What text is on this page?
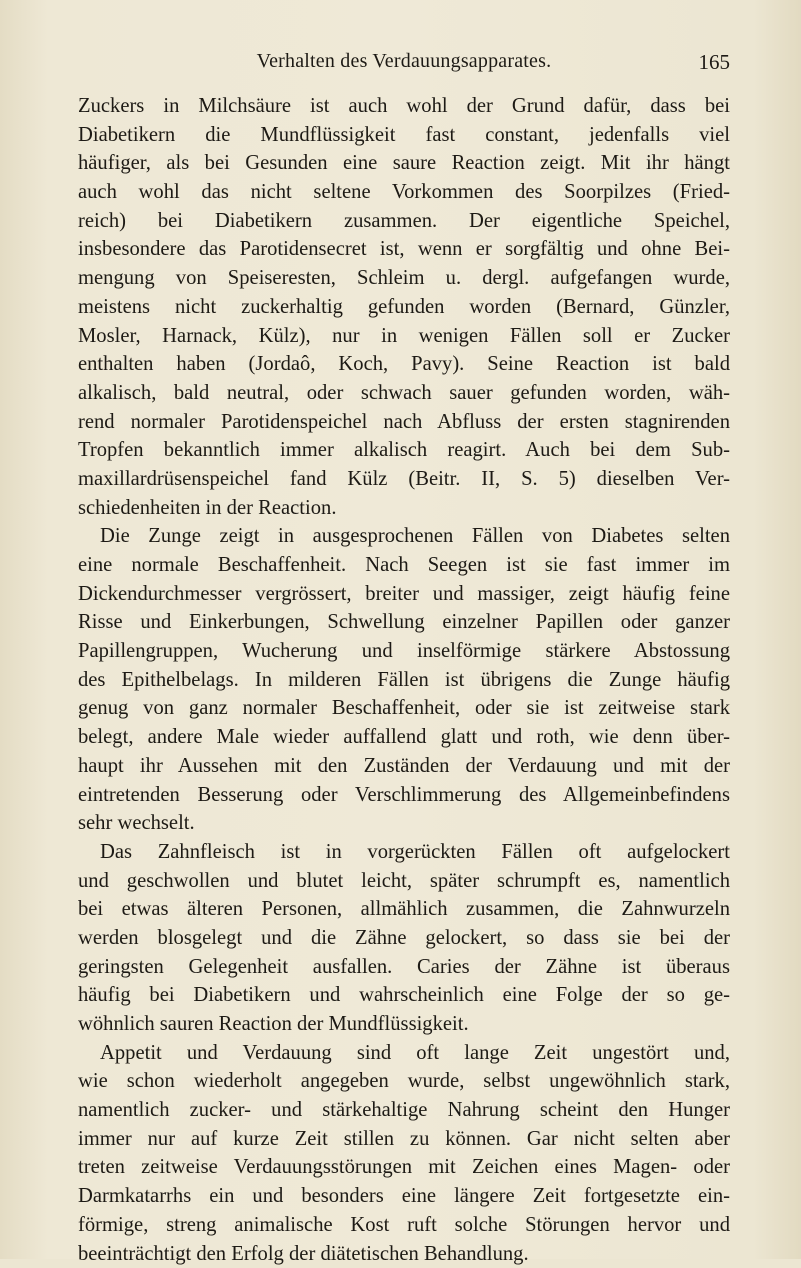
Verhalten des Verdauungsapparates.	165
Zuckers in Milchsäure ist auch wohl der Grund dafür, dass bei
Diabetikern die Mundflüssigkeit fast constant, jedenfalls viel
häufiger, als bei Gesunden eine saure Reaction zeigt. Mit ihr hängt
auch wohl das nicht seltene Vorkommen des Soorpilzes (Fried-
reich) bei Diabetikern zusammen. Der eigentliche Speichel,
insbesondere das Parotidensecret ist, wenn er sorgfältig und ohne Bei-
mengung von Speiseresten, Schleim u. dergl. aufgefangen wurde,
meistens nicht zuckerhaltig gefunden worden (Bernard, Günzler,
Mosler, Harnack, Külz), nur in wenigen Fällen soll er Zucker
enthalten haben (Jordaô, Koch, Pavy). Seine Reaction ist bald
alkalisch, bald neutral, oder schwach sauer gefunden worden, wäh-
rend normaler Parotidenspeichel nach Abfluss der ersten stagnirenden
Tropfen bekanntlich immer alkalisch reagirt. Auch bei dem Sub-
maxillardrüsenspeichel fand Külz (Beitr. II, S. 5) dieselben Ver-
schiedenheiten in der Reaction.
Die Zunge zeigt in ausgesprochenen Fällen von Diabetes selten
eine normale Beschaffenheit. Nach Seegen ist sie fast immer im
Dickendurchmesser vergrössert, breiter und massiger, zeigt häufig feine
Risse und Einkerbungen, Schwellung einzelner Papillen oder ganzer
Papillengruppen, Wucherung und inselförmige stärkere Abstossung
des Epithelbelags. In milderen Fällen ist übrigens die Zunge häufig
genug von ganz normaler Beschaffenheit, oder sie ist zeitweise stark
belegt, andere Male wieder auffallend glatt und roth, wie denn über-
haupt ihr Aussehen mit den Zuständen der Verdauung und mit der
eintretenden Besserung oder Verschlimmerung des Allgemeinbefindens
sehr wechselt.
Das Zahnfleisch ist in vorgerückten Fällen oft aufgelockert
und geschwollen und blutet leicht, später schrumpft es, namentlich
bei etwas älteren Personen, allmählich zusammen, die Zahnwurzeln
werden blosgelegt und die Zähne gelockert, so dass sie bei der
geringsten Gelegenheit ausfallen. Caries der Zähne ist überaus
häufig bei Diabetikern und wahrscheinlich eine Folge der so ge-
wöhnlich sauren Reaction der Mundflüssigkeit.
Appetit und Verdauung sind oft lange Zeit ungestört und,
wie schon wiederholt angegeben wurde, selbst ungewöhnlich stark,
namentlich zucker- und stärkehaltige Nahrung scheint den Hunger
immer nur auf kurze Zeit stillen zu können. Gar nicht selten aber
treten zeitweise Verdauungsstörungen mit Zeichen eines Magen- oder
Darmkatarrhs ein und besonders eine längere Zeit fortgesetzte ein-
förmige, streng animalische Kost ruft solche Störungen hervor und
beeinträchtigt den Erfolg der diätetischen Behandlung.
